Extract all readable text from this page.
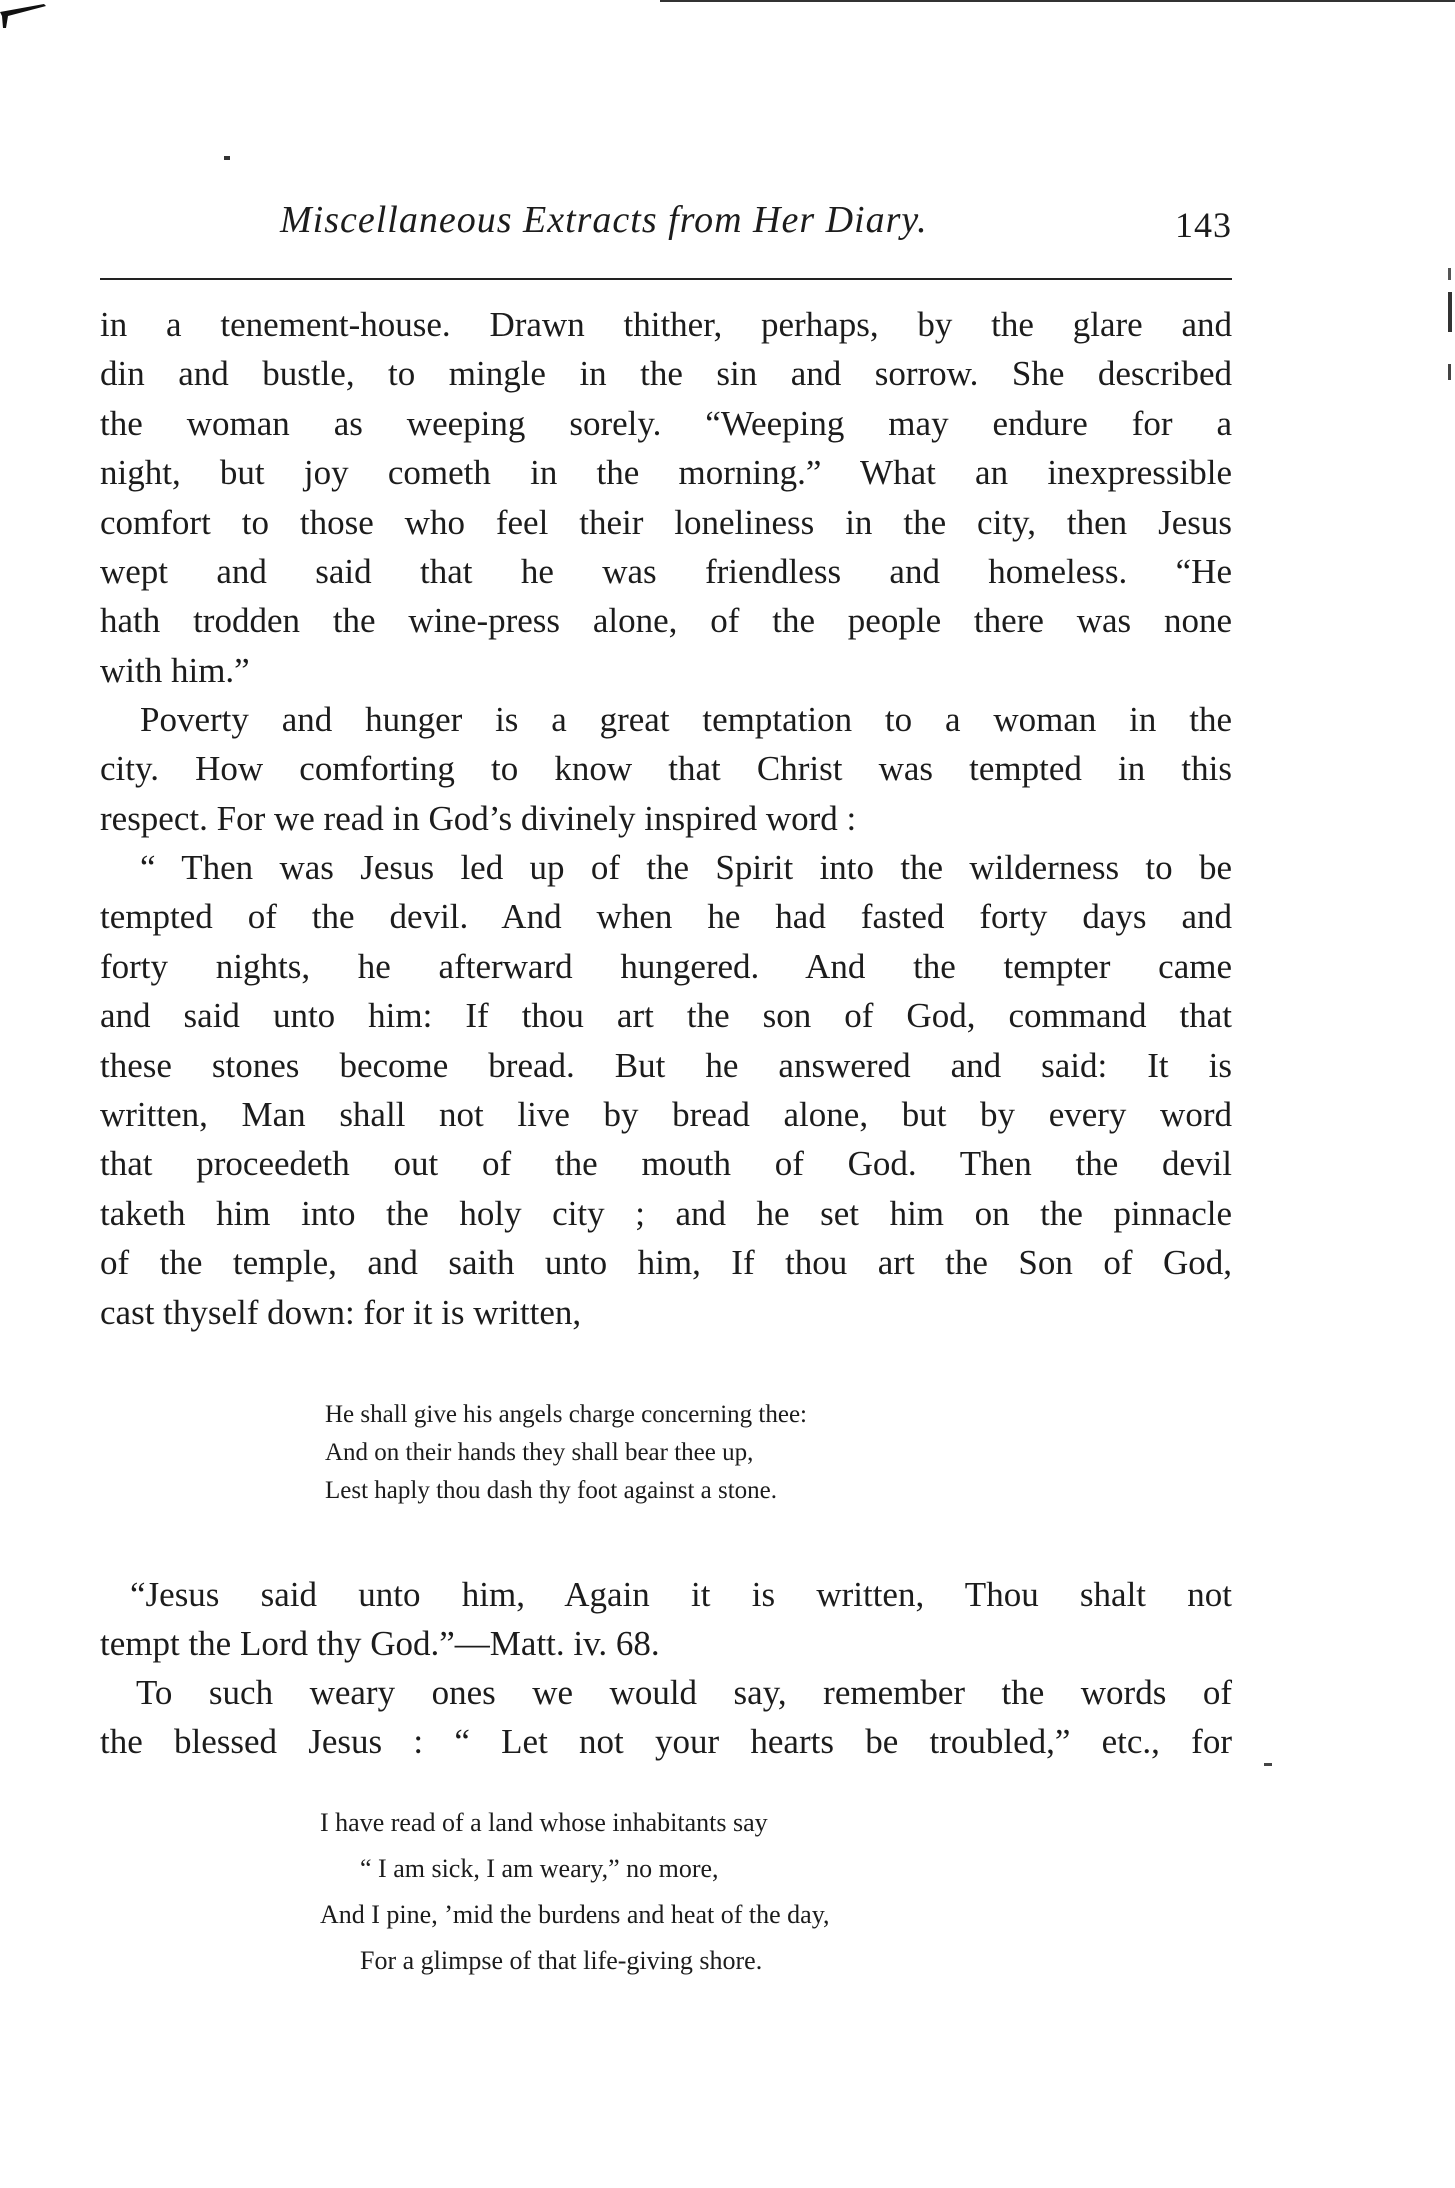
Miscellaneous Extracts from Her Diary.	143
in a tenement-house. Drawn thither, perhaps, by the glare and
din and bustle, to mingle in the sin and sorrow. She described
the woman as weeping sorely. “Weeping may endure for a
night, but joy cometh in the morning.” What an inexpressible
comfort to those who feel their loneliness in the city, then Jesus
wept and said that he was friendless and homeless. “He
hath trodden the wine-press alone, of the people there was none
with him.”
Poverty and hunger is a great temptation to a woman in the
city. How comforting to know that Christ was tempted in this
respect. For we read in God’s divinely inspired word :
“ Then was Jesus led up of the Spirit into the wilderness to be
tempted of the devil. And when he had fasted forty days and
forty nights, he afterward hungered. And the tempter came
and said unto him: If thou art the son of God, command that
these stones become bread. But he answered and said: It is
written, Man shall not live by bread alone, but by every word
that proceedeth out of the mouth of God. Then the devil
taketh him into the holy city ; and he set him on the pinnacle
of the temple, and saith unto him, If thou art the Son of God,
cast thyself down: for it is written,
He shall give his angels charge concerning thee:
And on their hands they shall bear thee up,
Lest haply thou dash thy foot against a stone.
“Jesus said unto him, Again it is written, Thou shalt not
tempt the Lord thy God.”—Matt. iv. 68.
To such weary ones we would say, remember the words of
the blessed Jesus : “ Let not your hearts be troubled,” etc., for
I have read of a land whose inhabitants say
“ I am sick, I am weary,” no more,
And I pine, ’mid the burdens and heat of the day,
For a glimpse of that life-giving shore.
